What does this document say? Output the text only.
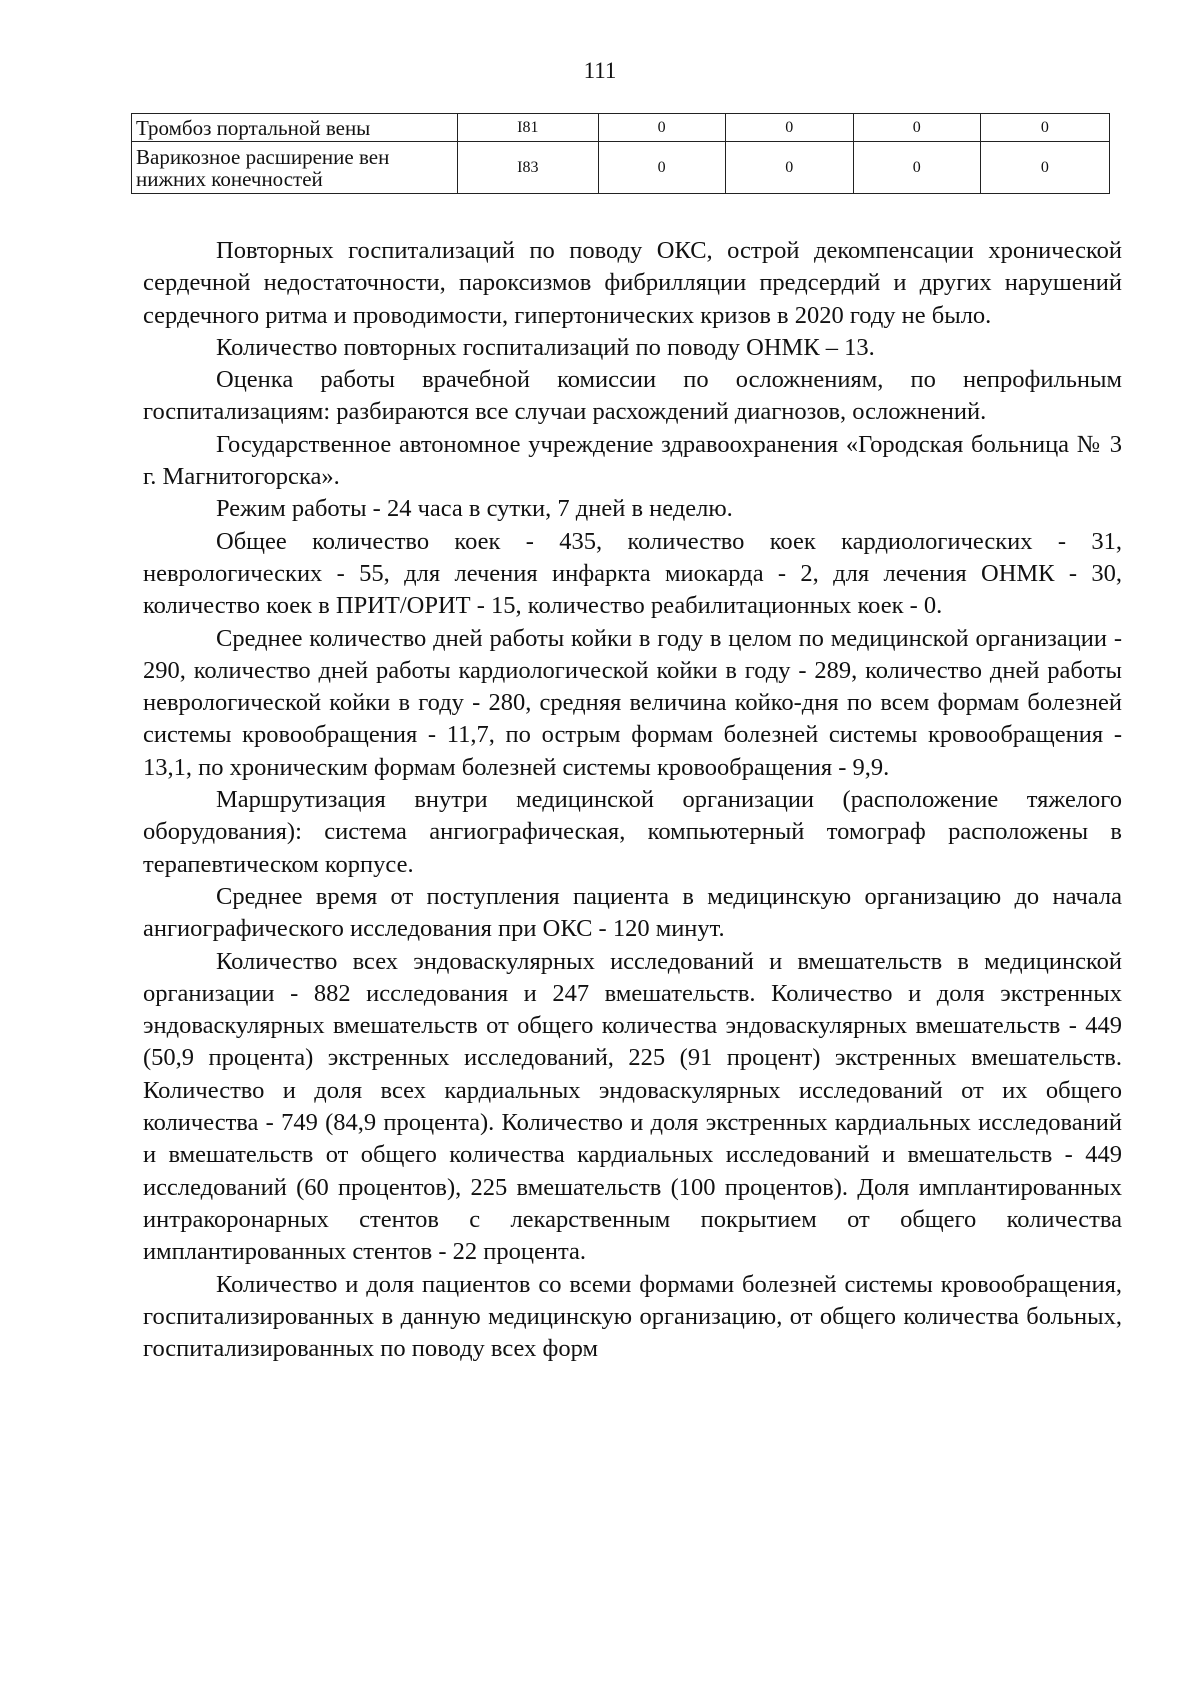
111
Тромбоз портальной вены	I81	0	0	0	0
Варикозное расширение вен нижних конечностей	I83	0	0	0	0

Повторных госпитализаций по поводу ОКС, острой декомпенсации хронической сердечной недостаточности, пароксизмов фибрилляции предсердий и других нарушений сердечного ритма и проводимости, гипертонических кризов в 2020 году не было.

Количество повторных госпитализаций по поводу ОНМК – 13.

Оценка работы врачебной комиссии по осложнениям, по непрофильным госпитализациям: разбираются все случаи расхождений диагнозов, осложнений.

Государственное автономное учреждение здравоохранения «Городская больница № 3 г. Магнитогорска».

Режим работы - 24 часа в сутки, 7 дней в неделю.

Общее количество коек - 435, количество коек кардиологических - 31, неврологических - 55, для лечения инфаркта миокарда - 2, для лечения ОНМК - 30, количество коек в ПРИТ/ОРИТ - 15, количество реабилитационных коек - 0.

Среднее количество дней работы койки в году в целом по медицинской организации - 290, количество дней работы кардиологической койки в году - 289, количество дней работы неврологической койки в году - 280, средняя величина койко-дня по всем формам болезней системы кровообращения - 11,7, по острым формам болезней системы кровообращения - 13,1, по хроническим формам болезней системы кровообращения - 9,9.

Маршрутизация внутри медицинской организации (расположение тяжелого оборудования): система ангиографическая, компьютерный томограф расположены в терапевтическом корпусе.

Среднее время от поступления пациента в медицинскую организацию до начала ангиографического исследования при ОКС - 120 минут.

Количество всех эндоваскулярных исследований и вмешательств в медицинской организации - 882 исследования и 247 вмешательств. Количество и доля экстренных эндоваскулярных вмешательств от общего количества эндоваскулярных вмешательств - 449 (50,9 процента) экстренных исследований, 225 (91 процент) экстренных вмешательств. Количество и доля всех кардиальных эндоваскулярных исследований от их общего количества - 749 (84,9 процента). Количество и доля экстренных кардиальных исследований и вмешательств от общего количества кардиальных исследований и вмешательств - 449 исследований (60 процентов), 225 вмешательств (100 процентов). Доля имплантированных интракоронарных стентов с лекарственным покрытием от общего количества имплантированных стентов - 22 процента.

Количество и доля пациентов со всеми формами болезней системы кровообращения, госпитализированных в данную медицинскую организацию, от общего количества больных, госпитализированных по поводу всех форм
